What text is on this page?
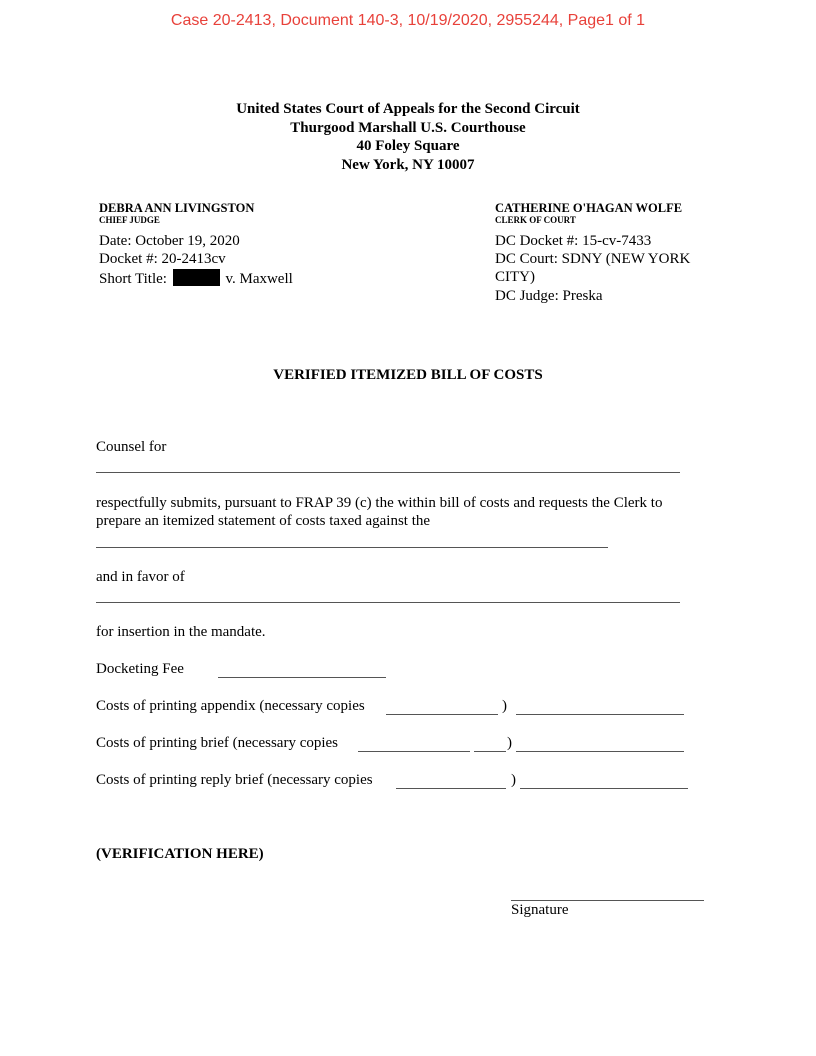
Case 20-2413, Document 140-3, 10/19/2020, 2955244, Page1 of 1
United States Court of Appeals for the Second Circuit
Thurgood Marshall U.S. Courthouse
40 Foley Square
New York, NY 10007
DEBRA ANN LIVINGSTON
CHIEF JUDGE
Date: October 19, 2020
Docket #: 20-2413cv
Short Title:	v. Maxwell
CATHERINE O'HAGAN WOLFE
CLERK OF COURT
DC Docket #: 15-cv-7433
DC Court: SDNY (NEW YORK
CITY)
DC Judge: Preska
VERIFIED ITEMIZED BILL OF COSTS
Counsel for
respectfully submits, pursuant to FRAP 39 (c) the within bill of costs and requests the Clerk to
prepare an itemized statement of costs taxed against the
and in favor of
for insertion in the mandate.
Docketing Fee
Costs of printing appendix (necessary copies	)
Costs of printing brief (necessary copies	)
Costs of printing reply brief (necessary copies	)
(VERIFICATION HERE)
Signature
